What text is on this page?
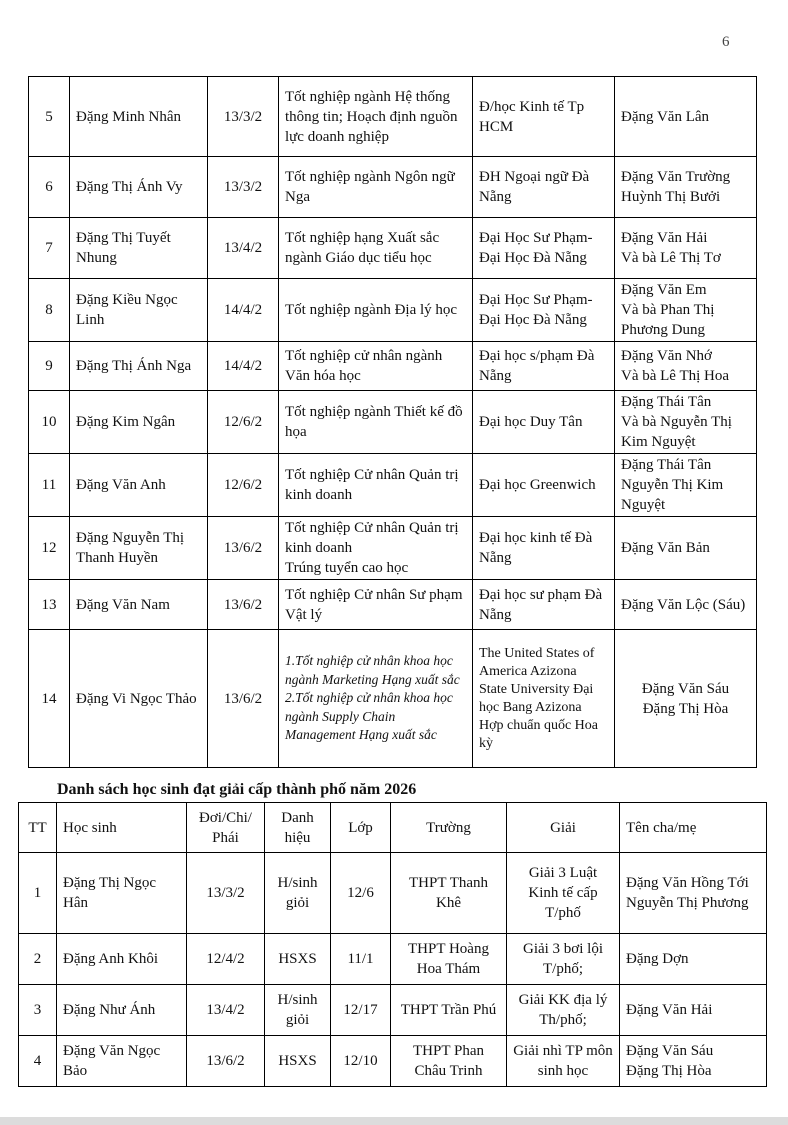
6
5	Đặng Minh Nhân	13/3/2	Tốt nghiệp ngành Hệ thống thông tin; Hoạch định nguồn lực doanh nghiệp	Đ/học Kinh tế Tp HCM	Đặng Văn Lân
6	Đặng Thị Ánh Vy	13/3/2	Tốt nghiệp ngành Ngôn ngữ Nga	ĐH Ngoại ngữ Đà Nẵng	Đặng Văn Trường
Huỳnh Thị Bưởi

7	Đặng Thị Tuyết Nhung	13/4/2	Tốt nghiệp hạng Xuất sắc ngành Giáo dục tiểu học	Đại Học Sư Phạm-Đại Học Đà Nẵng	Đặng Văn Hải
Và bà Lê Thị Tơ

8	Đặng Kiều Ngọc Linh	14/4/2	Tốt nghiệp ngành Địa lý học	Đại Học Sư Phạm-Đại Học Đà Nẵng	Đặng Văn Em
Và bà Phan Thị Phương Dung

9	Đặng Thị Ánh Nga	14/4/2	Tốt nghiệp cử nhân ngành Văn hóa học	Đại học s/phạm Đà Nẵng	Đặng Văn Nhớ
Và bà Lê Thị Hoa

10	Đặng Kim Ngân	12/6/2	Tốt nghiệp ngành Thiết kế đồ họa	Đại học Duy Tân	Đặng Thái Tân
Và bà Nguyễn Thị Kim Nguyệt

11	Đặng Văn Anh	12/6/2	Tốt nghiệp Cử nhân Quản trị kinh doanh	Đại học Greenwich	Đặng Thái Tân
Nguyễn Thị Kim Nguyệt

12	Đặng Nguyễn Thị Thanh Huyền	13/6/2	Tốt nghiệp Cử nhân Quản trị kinh doanh
Trúng tuyển cao học	Đại học kinh tế Đà Nẵng	Đặng Văn Bản
13	Đặng Văn Nam	13/6/2	Tốt nghiệp Cử nhân Sư phạm Vật lý	Đại học sư phạm Đà Nẵng	Đặng Văn Lộc (Sáu)
14	Đặng Vi Ngọc Thảo	13/6/2	1.Tốt nghiệp cử nhân khoa học ngành Marketing Hạng xuất sắc
2.Tốt nghiệp cử nhân khoa học ngành Supply Chain Management Hạng xuất sắc	The United States of America Azizona State University Đại học Bang Azizona Hợp chuẩn quốc Hoa kỳ	Đặng Văn Sáu
Đặng Thị Hòa
Danh sách học sinh đạt giải cấp thành phố năm 2026
TT	Học sinh	Đơi/Chi/ Phái	Danh hiệu	Lớp	Trường	Giải	Tên cha/mẹ
1	Đặng Thị Ngọc Hân	13/3/2	H/sinh giỏi	12/6	THPT Thanh Khê	Giải 3 Luật Kinh tế cấp T/phố	Đặng Văn Hồng Tới
Nguyễn Thị Phương

2	Đặng Anh Khôi	12/4/2	HSXS	11/1	THPT Hoàng Hoa Thám	Giải 3 bơi lội T/phố;	Đặng Dợn
3	Đặng Như Ánh	13/4/2	H/sinh giỏi	12/17	THPT Trần Phú	Giải KK địa lý Th/phố;	Đặng Văn Hải
4	Đặng Văn Ngọc Bảo	13/6/2	HSXS	12/10	THPT Phan Châu Trinh	Giải nhì TP môn sinh học	Đặng Văn Sáu
Đặng Thị Hòa
